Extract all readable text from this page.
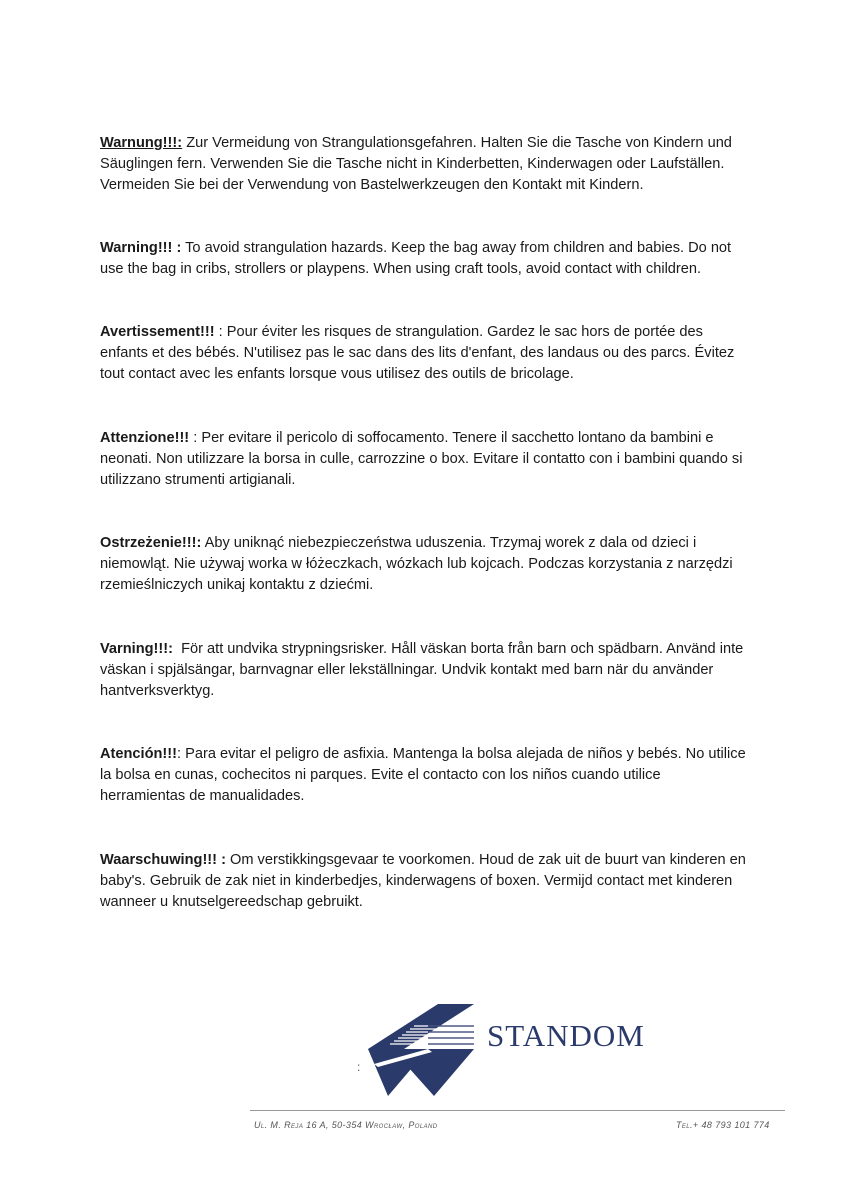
Warnung!!!: Zur Vermeidung von Strangulationsgefahren. Halten Sie die Tasche von Kindern und Säuglingen fern. Verwenden Sie die Tasche nicht in Kinderbetten, Kinderwagen oder Laufställen. Vermeiden Sie bei der Verwendung von Bastelwerkzeugen den Kontakt mit Kindern.

Warning!!! : To avoid strangulation hazards. Keep the bag away from children and babies. Do not use the bag in cribs, strollers or playpens. When using craft tools, avoid contact with children.

Avertissement!!! : Pour éviter les risques de strangulation. Gardez le sac hors de portée des enfants et des bébés. N'utilisez pas le sac dans des lits d'enfant, des landaus ou des parcs. Évitez tout contact avec les enfants lorsque vous utilisez des outils de bricolage.

Attenzione!!! : Per evitare il pericolo di soffocamento. Tenere il sacchetto lontano da bambini e neonati. Non utilizzare la borsa in culle, carrozzine o box. Evitare il contatto con i bambini quando si utilizzano strumenti artigianali.

Ostrzeżenie!!!: Aby uniknąć niebezpieczeństwa uduszenia. Trzymaj worek z dala od dzieci i niemowląt. Nie używaj worka w łóżeczkach, wózkach lub kojcach. Podczas korzystania z narzędzi rzemieślniczych unikaj kontaktu z dziećmi.

Varning!!!:  För att undvika strypningsrisker. Håll väskan borta från barn och spädbarn. Använd inte väskan i spjälsängar, barnvagnar eller lekställningar. Undvik kontakt med barn när du använder hantverksverktyg.

Atención!!!: Para evitar el peligro de asfixia. Mantenga la bolsa alejada de niños y bebés. No utilice la bolsa en cunas, cochecitos ni parques. Evite el contacto con los niños cuando utilice herramientas de manualidades.

Waarschuwing!!! : Om verstikkingsgevaar te voorkomen. Houd de zak uit de buurt van kinderen en baby's. Gebruik de zak niet in kinderbedjes, kinderwagens of boxen. Vermijd contact met kinderen wanneer u knutselgereedschap gebruikt.

STANDOM
:
Ul. M. Reja 16 A, 50-354 Wrocław, Poland	Tel.+ 48 793 101 774
